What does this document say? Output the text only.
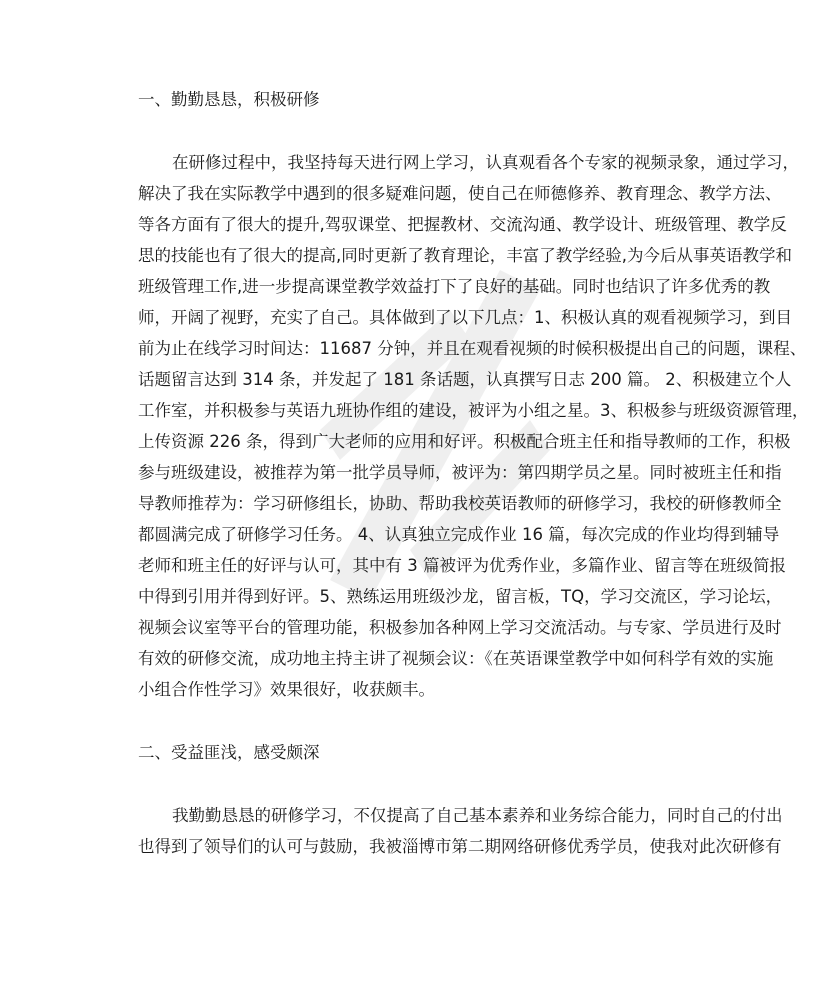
一、勤勤恳恳，积极研修

在研修过程中，我坚持每天进行网上学习，认真观看各个专家的视频录象，通过学习，
解决了我在实际教学中遇到的很多疑难问题，使自己在师德修养、教育理念、教学方法、
等各方面有了很大的提升,驾驭课堂、把握教材、交流沟通、教学设计、班级管理、教学反
思的技能也有了很大的提高,同时更新了教育理论，丰富了教学经验,为今后从事英语教学和
班级管理工作,进一步提高课堂教学效益打下了良好的基础。同时也结识了许多优秀的教
师，开阔了视野，充实了自己。具体做到了以下几点：1、积极认真的观看视频学习，到目
前为止在线学习时间达：11687 分钟，并且在观看视频的时候积极提出自己的问题，课程、
话题留言达到 314 条，并发起了 181 条话题，认真撰写日志 200 篇。 2、积极建立个人
工作室，并积极参与英语九班协作组的建设，被评为小组之星。3、积极参与班级资源管理，
上传资源 226 条，得到广大老师的应用和好评。积极配合班主任和指导教师的工作，积极
参与班级建设，被推荐为第一批学员导师，被评为：第四期学员之星。同时被班主任和指
导教师推荐为：学习研修组长，协助、帮助我校英语教师的研修学习，我校的研修教师全
都圆满完成了研修学习任务。 4、认真独立完成作业 16 篇，每次完成的作业均得到辅导
老师和班主任的好评与认可，其中有 3 篇被评为优秀作业，多篇作业、留言等在班级简报
中得到引用并得到好评。5、熟练运用班级沙龙，留言板，TQ，学习交流区，学习论坛，
视频会议室等平台的管理功能，积极参加各种网上学习交流活动。与专家、学员进行及时
有效的研修交流，成功地主持主讲了视频会议：《在英语课堂教学中如何科学有效的实施
小组合作性学习》效果很好，收获颇丰。

二、受益匪浅，感受颇深

我勤勤恳恳的研修学习，不仅提高了自己基本素养和业务综合能力，同时自己的付出
也得到了领导们的认可与鼓励，我被淄博市第二期网络研修优秀学员，使我对此次研修有
